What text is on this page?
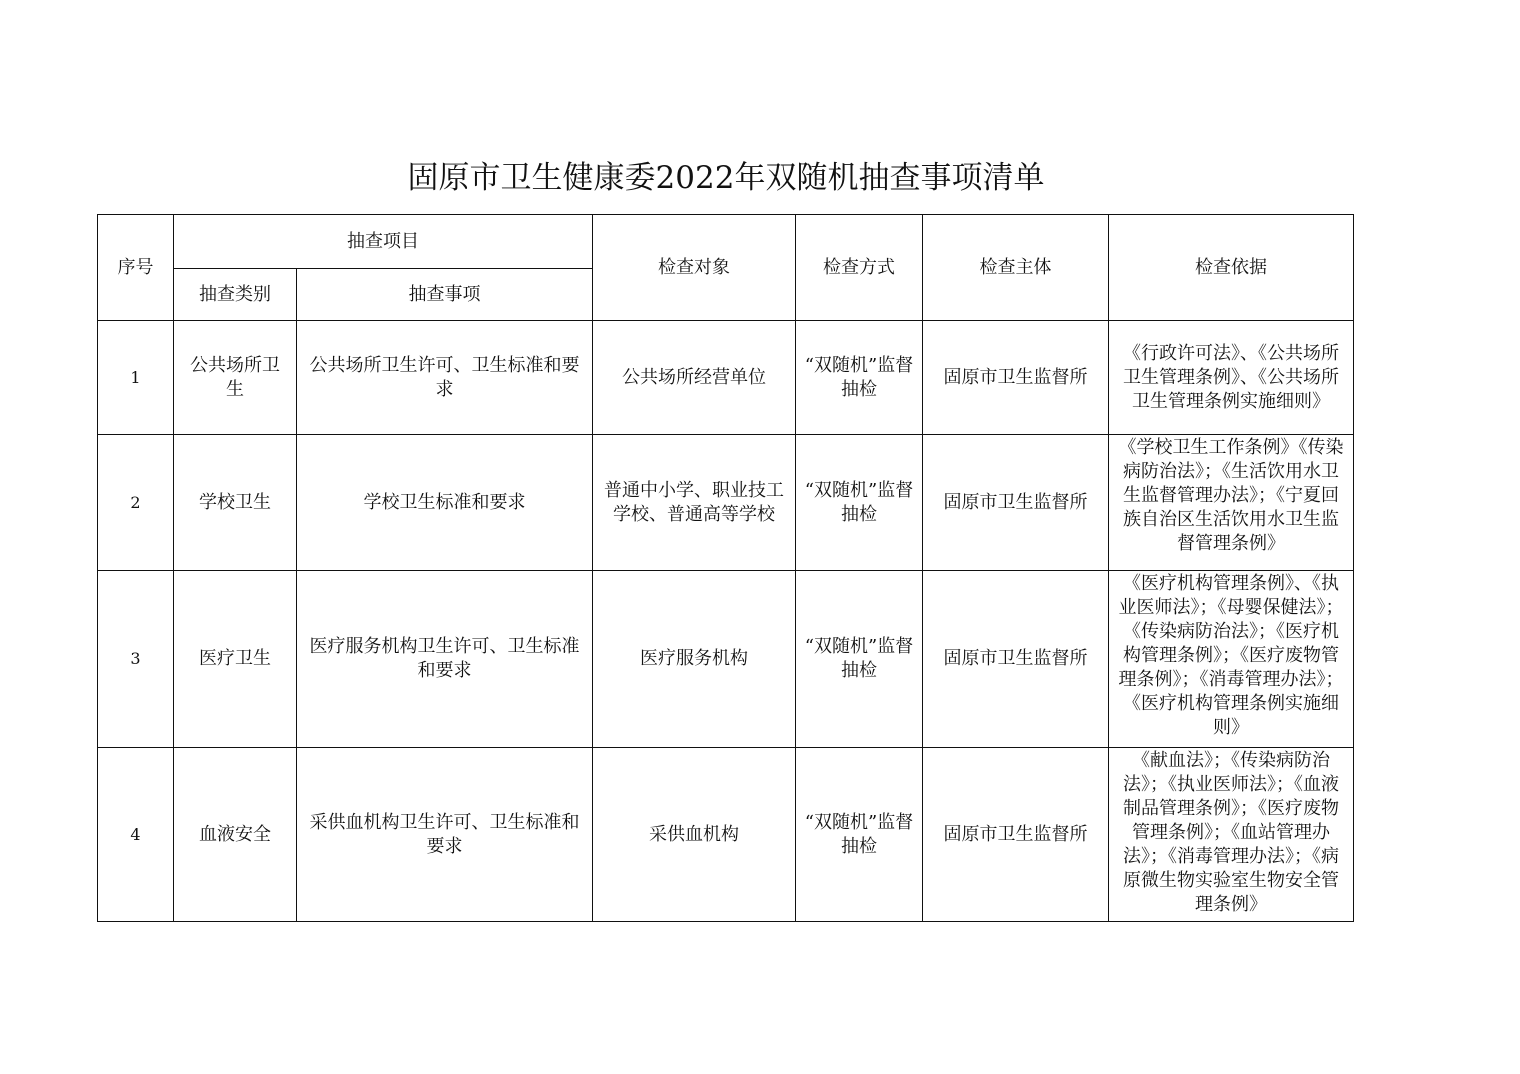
固原市卫生健康委2022年双随机抽查事项清单
序号	抽查项目		检查对象	检查方式	检查主体	检查依据
	抽查类别	抽查事项				
1	公共场所卫生	公共场所卫生许可、卫生标准和要求	公共场所经营单位	“双随机”监督抽检	固原市卫生监督所	《行政许可法》、《公共场所卫生管理条例》、《公共场所卫生管理条例实施细则》

2	学校卫生	学校卫生标准和要求	普通中小学、职业技工学校、普通高等学校	“双随机”监督抽检	固原市卫生监督所	《学校卫生工作条例》《传染病防治法》；《生活饮用水卫生监督管理办法》；《宁夏回族自治区生活饮用水卫生监督管理条例》

3	医疗卫生	医疗服务机构卫生许可、卫生标准和要求	医疗服务机构	“双随机”监督抽检	固原市卫生监督所	《医疗机构管理条例》、《执业医师法》；《母婴保健法》；《传染病防治法》；《医疗机构管理条例》；《医疗废物管理条例》；《消毒管理办法》；《医疗机构管理条例实施细则》

4	血液安全	采供血机构卫生许可、卫生标准和要求	采供血机构	“双随机”监督抽检	固原市卫生监督所	《献血法》；《传染病防治法》；《执业医师法》；《血液制品管理条例》；《医疗废物管理条例》；《血站管理办法》；《消毒管理办法》；《病原微生物实验室生物安全管理条例》
